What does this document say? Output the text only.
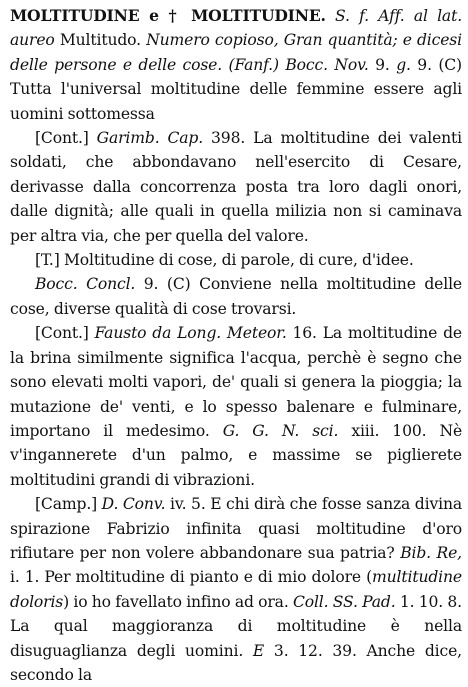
MOLTITUDINE e † MOLTITUDINE. S. f. Aff. al lat. aureo Multitudo. Numero copioso, Gran quantità; e dicesi delle persone e delle cose. (Fanf.) Bocc. Nov. 9. g. 9. (C) Tutta l'universal moltitudine delle femmine essere agli uomini sottomessa

[Cont.] Garimb. Cap. 398. La moltitudine dei valenti soldati, che abbondavano nell'esercito di Cesare, derivasse dalla concorrenza posta tra loro dagli onori, dalle dignità; alle quali in quella milizia non si caminava per altra via, che per quella del valore.

[T.] Moltitudine di cose, di parole, di cure, d'idee.

Bocc. Concl. 9. (C) Conviene nella moltitudine delle cose, diverse qualità di cose trovarsi.

[Cont.] Fausto da Long. Meteor. 16. La moltitudine de la brina similmente significa l'acqua, perchè è segno che sono elevati molti vapori, de' quali si genera la pioggia; la mutazione de' venti, e lo spesso balenare e fulminare, importano il medesimo. G. G. N. sci. xiii. 100. Nè v'ingannerete d'un palmo, e massime se piglierete moltitudini grandi di vibrazioni.

[Camp.] D. Conv. iv. 5. E chi dirà che fosse sanza divina spirazione Fabrizio infinita quasi moltitudine d'oro rifiutare per non volere abbandonare sua patria? Bib. Re, i. 1. Per moltitudine di pianto e di mio dolore (multitudine doloris) io ho favellato infino ad ora. Coll. SS. Pad. 1. 10. 8. La qual maggioranza di moltitudine è nella disuguaglianza degli uomini. E 3. 12. 39. Anche dice, secondo la
